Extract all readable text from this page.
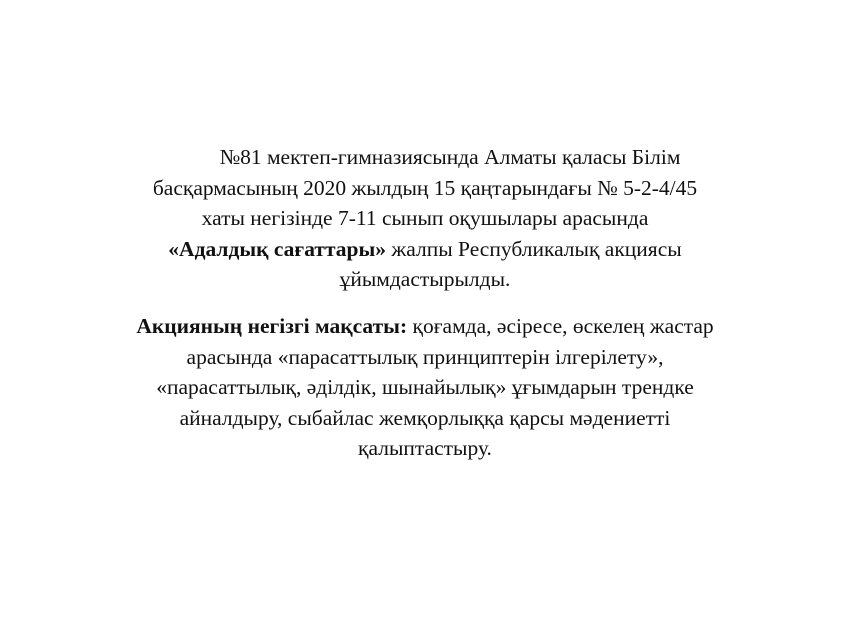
№81 мектеп-гимназиясында Алматы қаласы Білім
басқармасының 2020 жылдың 15 қаңтарындағы № 5-2-4/45
хаты негізінде 7-11 сынып оқушылары арасында
«Адалдық сағаттары» жалпы Республикалық акциясы
ұйымдастырылды.

Акцияның негізгі мақсаты: қоғамда, әсіресе, өскелең жастар
арасында «парасаттылық принциптерін ілгерілету»,
«парасаттылық, әділдік, шынайылық» ұғымдарын трендке
айналдыру, сыбайлас жемқорлыққа қарсы мәдениетті
қалыптастыру.
